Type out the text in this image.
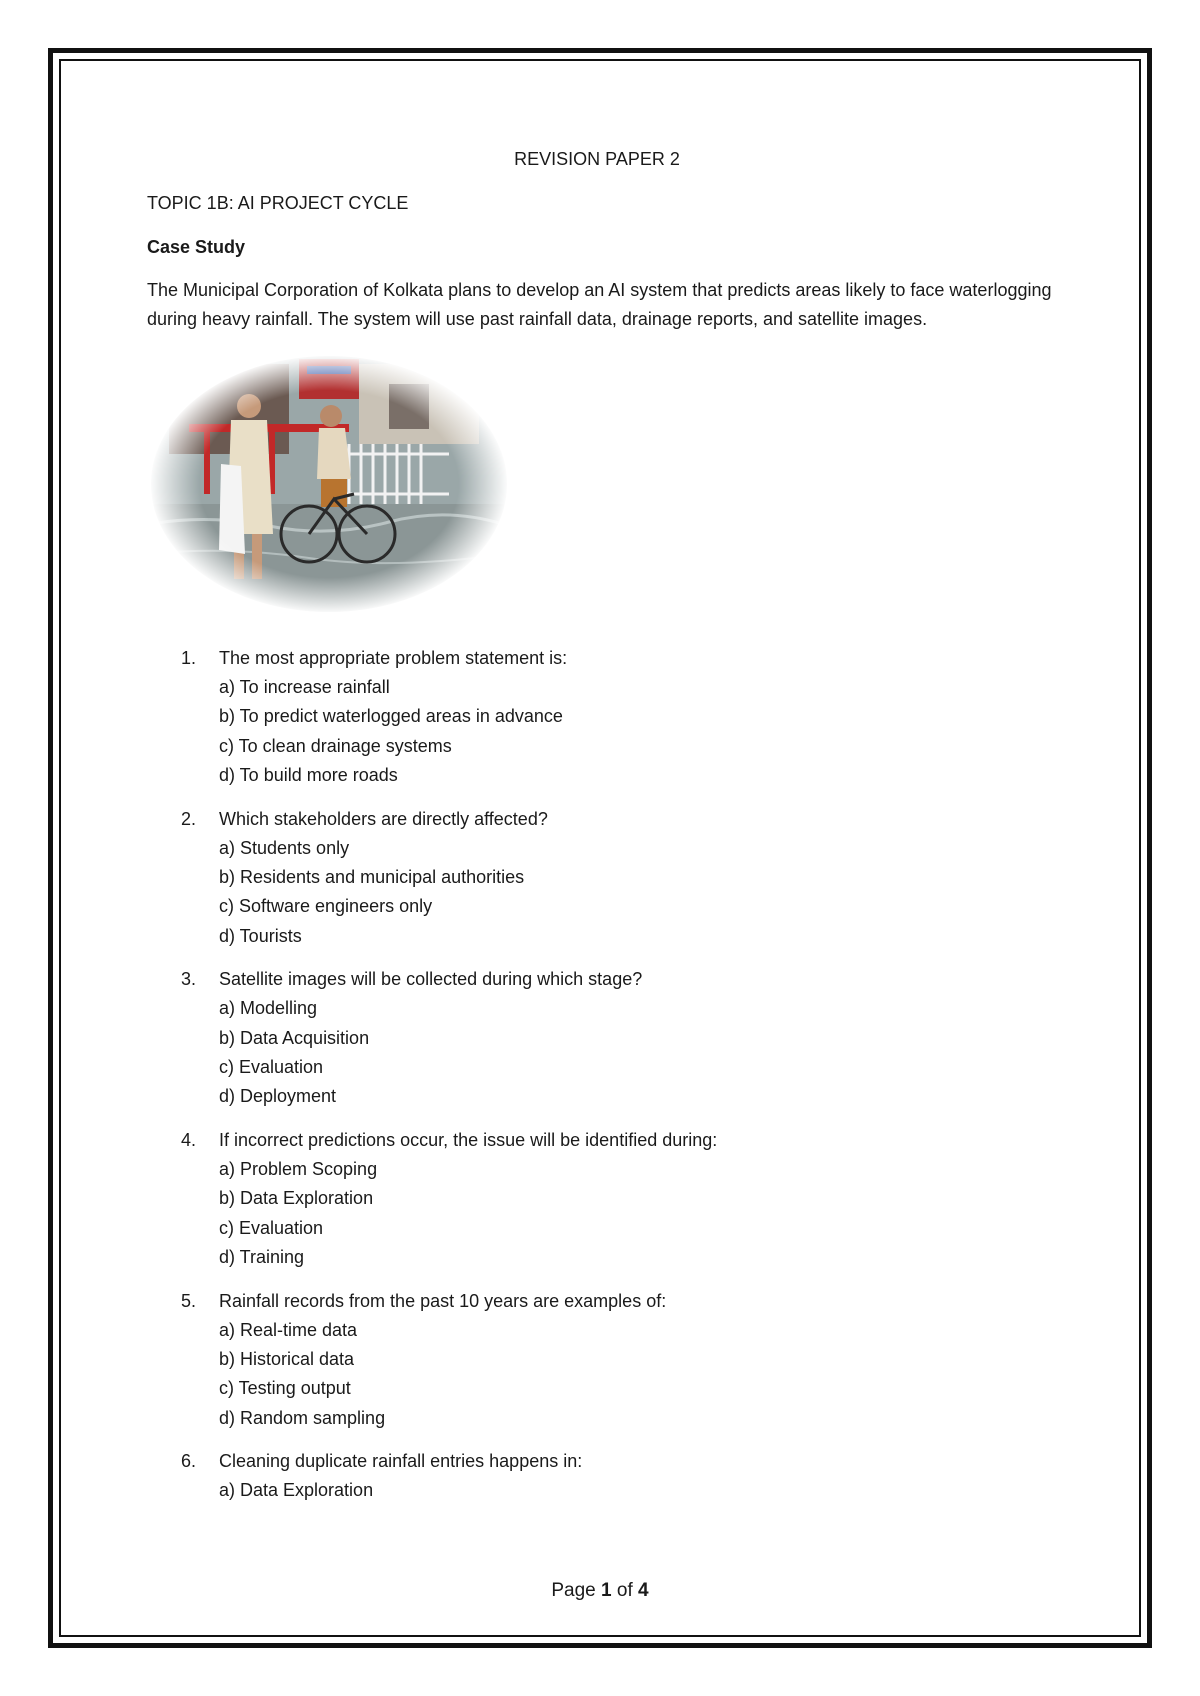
REVISION PAPER 2

TOPIC 1B: AI PROJECT CYCLE

Case Study

The Municipal Corporation of Kolkata plans to develop an AI system that predicts areas likely to face waterlogging during heavy rainfall. The system will use past rainfall data, drainage reports, and satellite images.

1. The most appropriate problem statement is:
a) To increase rainfall
b) To predict waterlogged areas in advance
c) To clean drainage systems
d) To build more roads
2. Which stakeholders are directly affected?
a) Students only
b) Residents and municipal authorities
c) Software engineers only
d) Tourists
3. Satellite images will be collected during which stage?
a) Modelling
b) Data Acquisition
c) Evaluation
d) Deployment
4. If incorrect predictions occur, the issue will be identified during:
a) Problem Scoping
b) Data Exploration
c) Evaluation
d) Training
5. Rainfall records from the past 10 years are examples of:
a) Real-time data
b) Historical data
c) Testing output
d) Random sampling
6. Cleaning duplicate rainfall entries happens in:
a) Data Exploration
Page 1 of 4
